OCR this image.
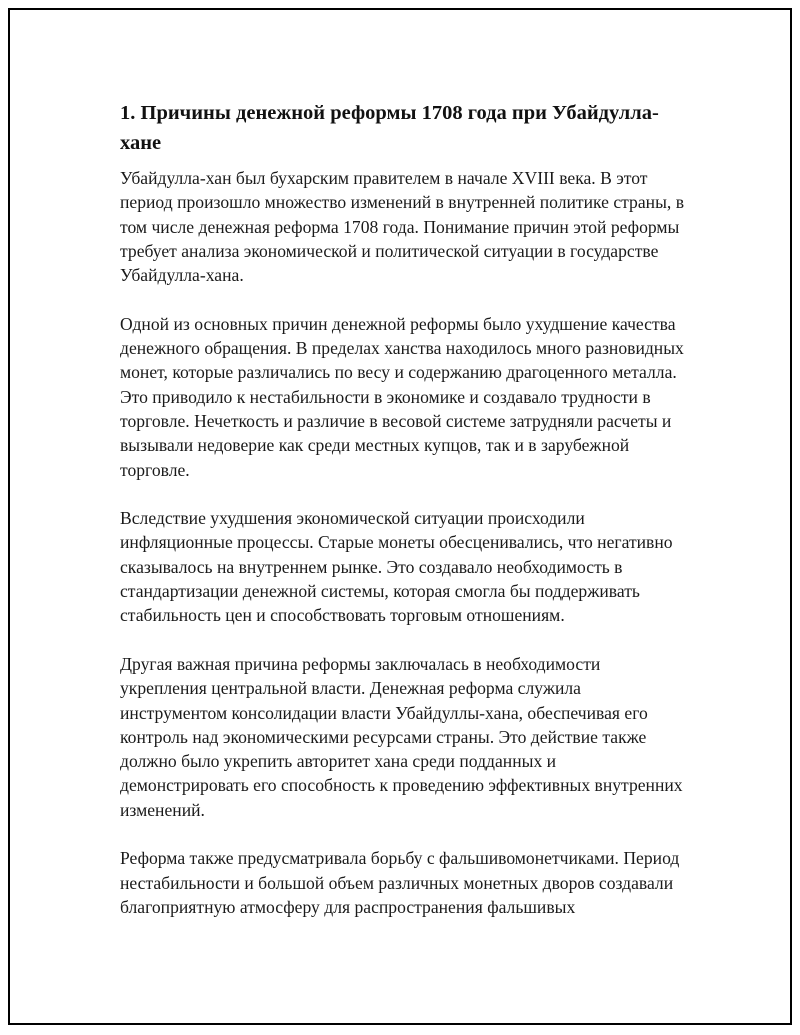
1. Причины денежной реформы 1708 года при Убайдулла-хане

Убайдулла-хан был бухарским правителем в начале XVIII века. В этот период произошло множество изменений в внутренней политике страны, в том числе денежная реформа 1708 года. Понимание причин этой реформы требует анализа экономической и политической ситуации в государстве Убайдулла-хана.

Одной из основных причин денежной реформы было ухудшение качества денежного обращения. В пределах ханства находилось много разновидных монет, которые различались по весу и содержанию драгоценного металла. Это приводило к нестабильности в экономике и создавало трудности в торговле. Нечеткость и различие в весовой системе затрудняли расчеты и вызывали недоверие как среди местных купцов, так и в зарубежной торговле.

Вследствие ухудшения экономической ситуации происходили инфляционные процессы. Старые монеты обесценивались, что негативно сказывалось на внутреннем рынке. Это создавало необходимость в стандартизации денежной системы, которая смогла бы поддерживать стабильность цен и способствовать торговым отношениям.

Другая важная причина реформы заключалась в необходимости укрепления центральной власти. Денежная реформа служила инструментом консолидации власти Убайдуллы-хана, обеспечивая его контроль над экономическими ресурсами страны. Это действие также должно было укрепить авторитет хана среди подданных и демонстрировать его способность к проведению эффективных внутренних изменений.

Реформа также предусматривала борьбу с фальшивомонетчиками. Период нестабильности и большой объем различных монетных дворов создавали благоприятную атмосферу для распространения фальшивых
